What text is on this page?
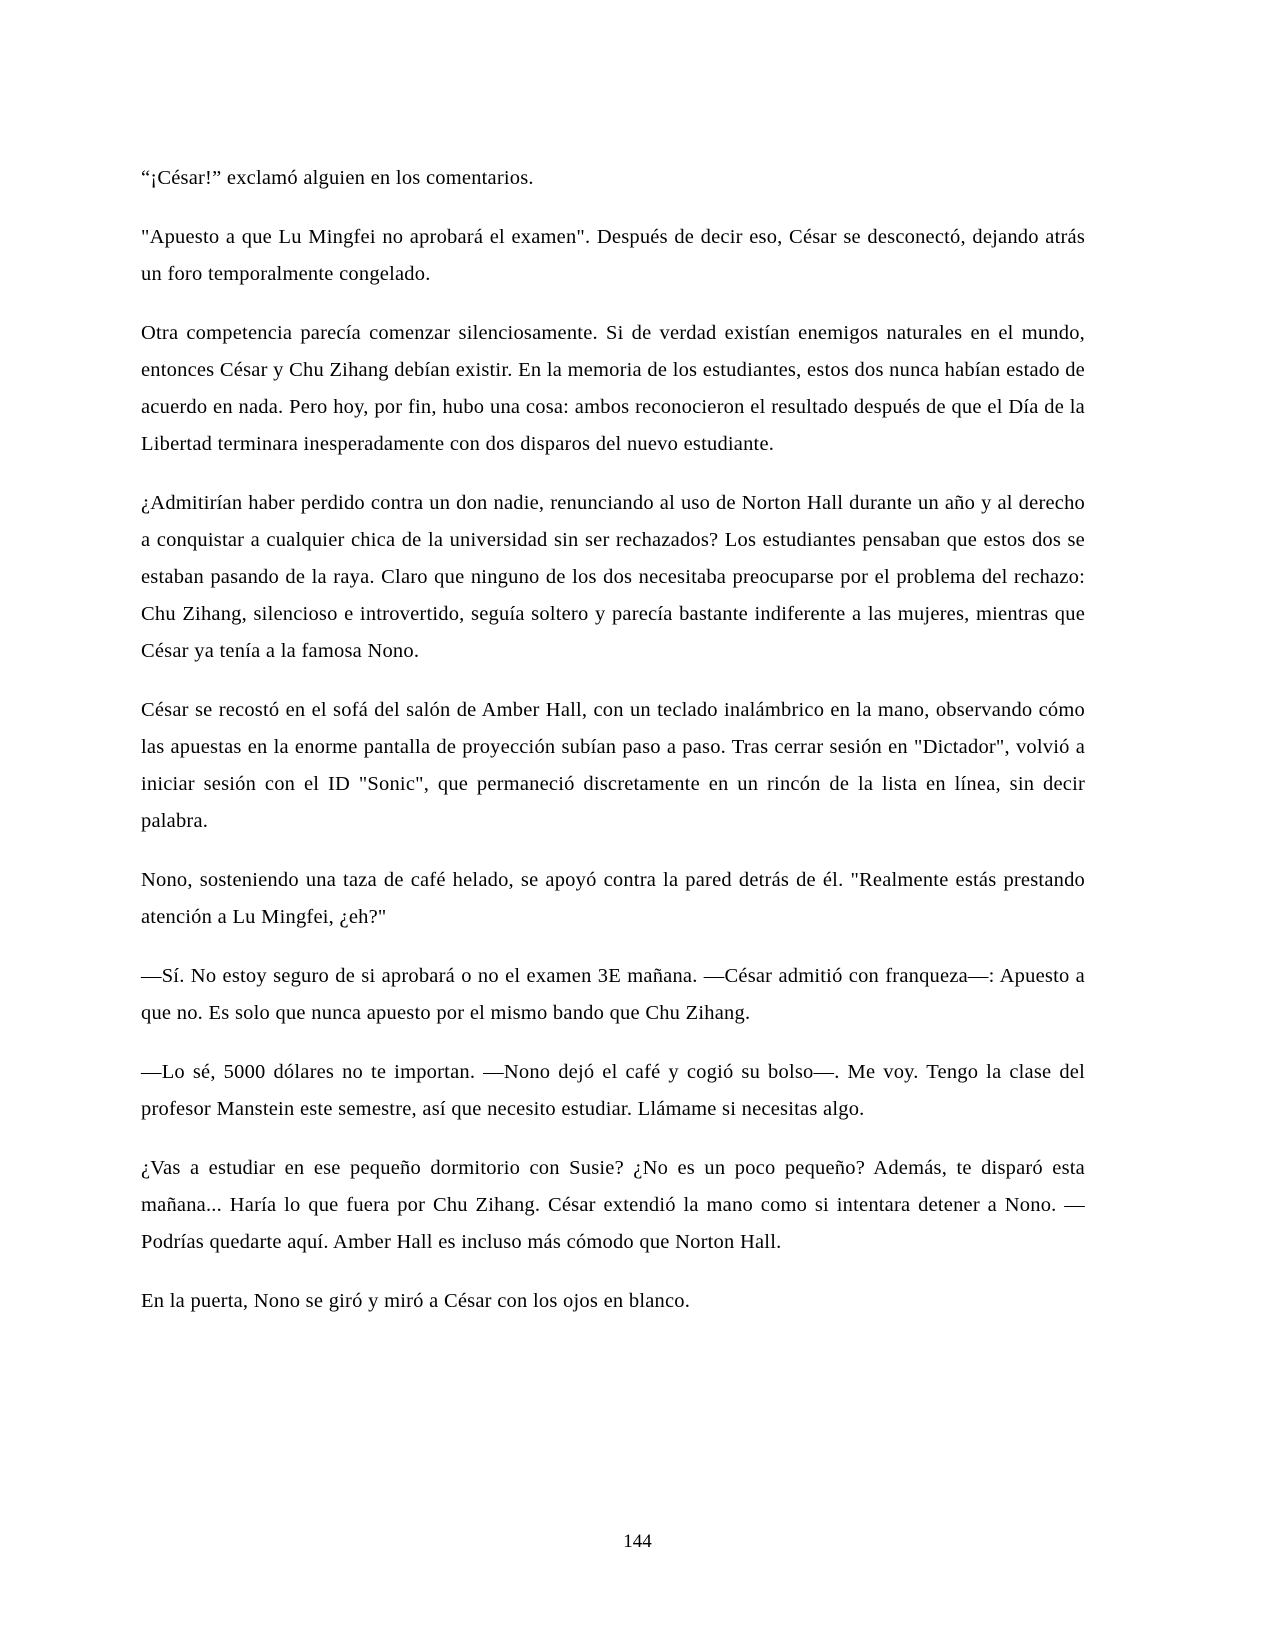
“¡César!” exclamó alguien en los comentarios.

"Apuesto a que Lu Mingfei no aprobará el examen". Después de decir eso, César se desconectó, dejando atrás un foro temporalmente congelado.

Otra competencia parecía comenzar silenciosamente. Si de verdad existían enemigos naturales en el mundo, entonces César y Chu Zihang debían existir. En la memoria de los estudiantes, estos dos nunca habían estado de acuerdo en nada. Pero hoy, por fin, hubo una cosa: ambos reconocieron el resultado después de que el Día de la Libertad terminara inesperadamente con dos disparos del nuevo estudiante.

¿Admitirían haber perdido contra un don nadie, renunciando al uso de Norton Hall durante un año y al derecho a conquistar a cualquier chica de la universidad sin ser rechazados? Los estudiantes pensaban que estos dos se estaban pasando de la raya. Claro que ninguno de los dos necesitaba preocuparse por el problema del rechazo: Chu Zihang, silencioso e introvertido, seguía soltero y parecía bastante indiferente a las mujeres, mientras que César ya tenía a la famosa Nono.

César se recostó en el sofá del salón de Amber Hall, con un teclado inalámbrico en la mano, observando cómo las apuestas en la enorme pantalla de proyección subían paso a paso. Tras cerrar sesión en "Dictador", volvió a iniciar sesión con el ID "Sonic", que permaneció discretamente en un rincón de la lista en línea, sin decir palabra.

Nono, sosteniendo una taza de café helado, se apoyó contra la pared detrás de él. "Realmente estás prestando atención a Lu Mingfei, ¿eh?"

—Sí. No estoy seguro de si aprobará o no el examen 3E mañana. —César admitió con franqueza—: Apuesto a que no. Es solo que nunca apuesto por el mismo bando que Chu Zihang.

—Lo sé, 5000 dólares no te importan. —Nono dejó el café y cogió su bolso—. Me voy. Tengo la clase del profesor Manstein este semestre, así que necesito estudiar. Llámame si necesitas algo.

¿Vas a estudiar en ese pequeño dormitorio con Susie? ¿No es un poco pequeño? Además, te disparó esta mañana... Haría lo que fuera por Chu Zihang. César extendió la mano como si intentara detener a Nono. —Podrías quedarte aquí. Amber Hall es incluso más cómodo que Norton Hall.

En la puerta, Nono se giró y miró a César con los ojos en blanco.

144
